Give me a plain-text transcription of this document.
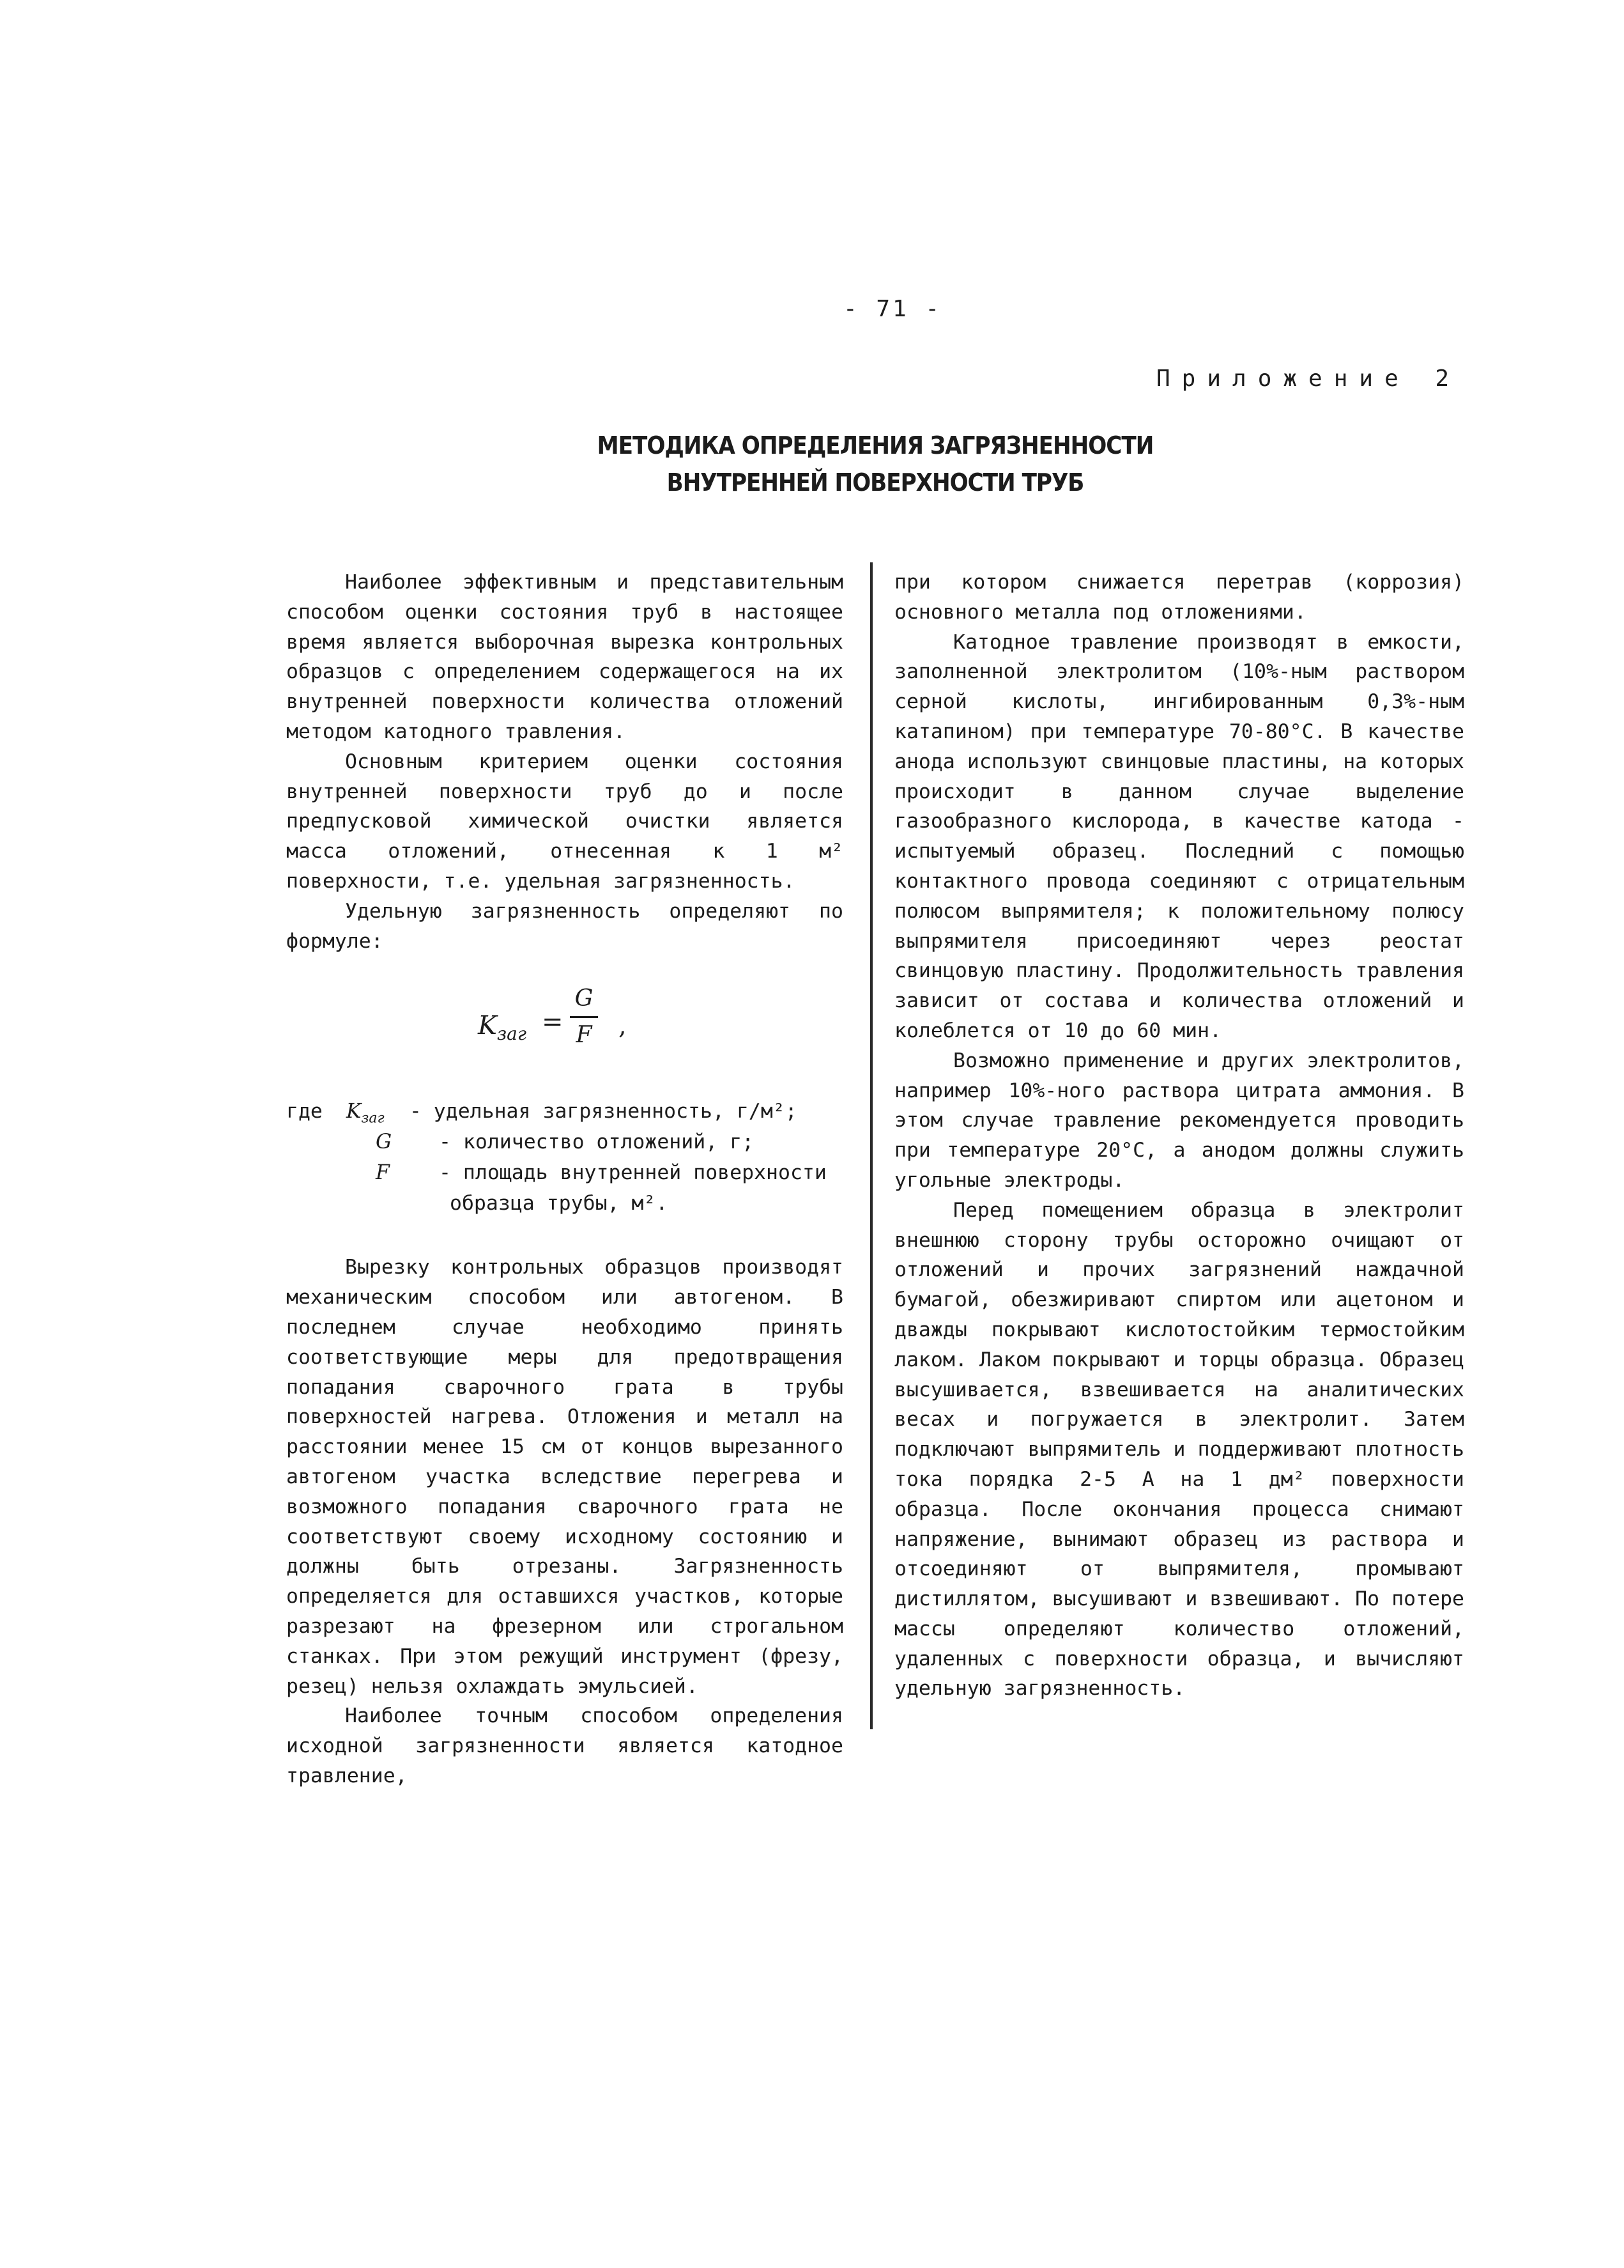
- 71 -
Приложение 2
МЕТОДИКА ОПРЕДЕЛЕНИЯ ЗАГРЯЗНЕННОСТИ
ВНУТРЕННЕЙ ПОВЕРХНОСТИ ТРУБ

Наиболее эффективным и представительным способом оценки состояния труб в настоящее время является выборочная вырезка контрольных образцов с определением содержащегося на их внутренней поверхности количества отложений методом катодного травления.

Основным критерием оценки состояния внутренней поверхности труб до и после предпусковой химической очистки является масса отложений, отнесенная к 1 м² поверхности, т.е. удельная загрязненность.

Удельную загрязненность определяют по формуле:

$K_{зaг} = \frac{G}{F}$ ,
где $K_{зaг}$ - удельная загрязненность, г/м²;
G - количество отложений, г;
F - площадь внутренней поверхности
образца трубы, м².

Вырезку контрольных образцов производят механическим способом или автогеном. В последнем случае необходимо принять соответствующие меры для предотвращения попадания сварочного грата в трубы поверхностей нагрева. Отложения и металл на расстоянии менее 15 см от концов вырезанного автогеном участка вследствие перегрева и возможного попадания сварочного грата не соответствуют своему исходному состоянию и должны быть отрезаны. Загрязненность определяется для оставшихся участков, которые разрезают на фрезерном или строгальном станках. При этом режущий инструмент (фрезу, резец) нельзя охлаждать эмульсией.

Наиболее точным способом определения исходной загрязненности является катодное травление,

при котором снижается перетрав (коррозия) основного металла под отложениями.

Катодное травление производят в емкости, заполненной электролитом (10%-ным раствором серной кислоты, ингибированным 0,3%-ным катапином) при температуре 70-80°С. В качестве анода используют свинцовые пластины, на которых происходит в данном случае выделение газообразного кислорода, в качестве катода - испытуемый образец. Последний с помощью контактного провода соединяют с отрицательным полюсом выпрямителя; к положительному полюсу выпрямителя присоединяют через реостат свинцовую пластину. Продолжительность травления зависит от состава и количества отложений и колеблется от 10 до 60 мин.

Возможно применение и других электролитов, например 10%-ного раствора цитрата аммония. В этом случае травление рекомендуется проводить при температуре 20°С, а анодом должны служить угольные электроды.

Перед помещением образца в электролит внешнюю сторону трубы осторожно очищают от отложений и прочих загрязнений наждачной бумагой, обезжиривают спиртом или ацетоном и дважды покрывают кислотостойким термостойким лаком. Лаком покрывают и торцы образца. Образец высушивается, взвешивается на аналитических весах и погружается в электролит. Затем подключают выпрямитель и поддерживают плотность тока порядка 2-5 А на 1 дм² поверхности образца. После окончания процесса снимают напряжение, вынимают образец из раствора и отсоединяют от выпрямителя, промывают дистиллятом, высушивают и взвешивают. По потере массы определяют количество отложений, удаленных с поверхности образца, и вычисляют удельную загрязненность.
